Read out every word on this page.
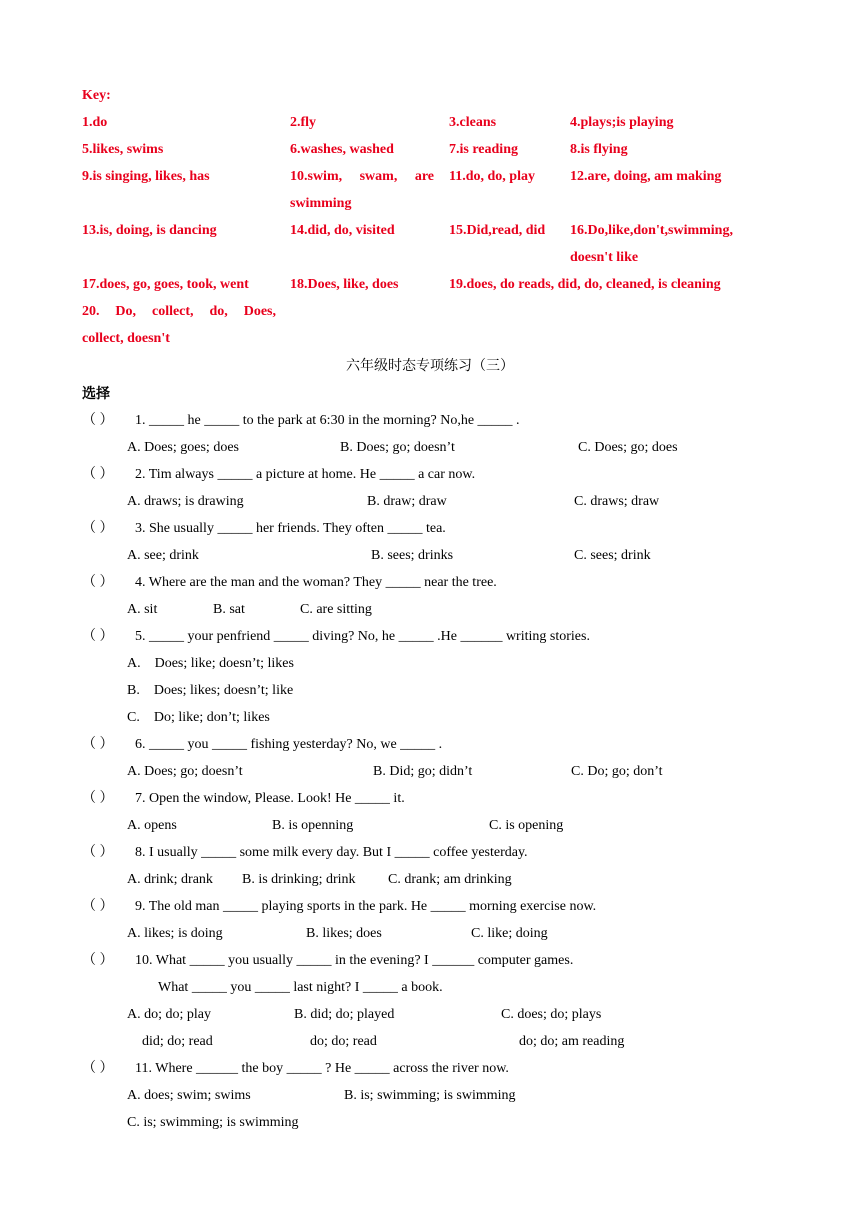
Key:
1.do	2.fly	3.cleans	4.plays;is playing
5.likes, swims	6.washes, washed	7.is reading	8.is flying
9.is singing, likes, has	10.swim, swam, are 11.do, do, play	12.are, doing, am making
swimming
13.is, doing, is dancing	14.did, do, visited	15.Did,read, did 16.Do,like,don't,swimming,
doesn't like
17.does, go, goes, took, went	18.Does, like, does	19.does, do reads, did, do, cleaned, is cleaning
20. Do, collect, do, Does,
collect, doesn't
六年级时态专项练习（三）
选择
（ ） 1. _____ he _____ to the park at 6:30 in the morning? No,he _____ .
A. Does; goes; does	B. Does; go; doesn’t	C. Does; go; does
（ ） 2. Tim always _____ a picture at home. He _____ a car now.
A. draws; is drawing	B. draw; draw	C. draws; draw
（ ） 3. She usually _____ her friends. They often _____ tea.
A. see; drink	B. sees; drinks	C. sees; drink
（ ） 4. Where are the man and the woman? They _____ near the tree.
A. sit	B. sat	C. are sitting
（ ） 5. _____ your penfriend _____ diving? No, he _____ .He ______ writing stories.
A.    Does; like; doesn’t; likes
B.    Does; likes; doesn’t; like
C.    Do; like; don’t; likes
（ ） 6. _____ you _____ fishing yesterday? No, we _____ .
A. Does; go; doesn’t	B. Did; go; didn’t	C. Do; go; don’t
（ ） 7. Open the window, Please. Look! He _____ it.
A. opens	B. is openning	C. is opening
（ ） 8. I usually _____ some milk every day. But I _____ coffee yesterday.
A. drink; drank B. is drinking; drink C. drank; am drinking
（ ） 9. The old man _____ playing sports in the park. He _____ morning exercise now.
A. likes; is doing	B. likes; does	C. like; doing
（ ） 10. What _____ you usually _____ in the evening? I ______ computer games.
What _____ you _____ last night? I _____ a book.
A. do; do; play	B. did; do; played	C. does; do; plays
did; do; read	do; do; read	do; do; am reading
（ ） 11. Where ______ the boy _____ ? He _____ across the river now.
A. does; swim; swims	B. is; swimming; is swimming
C. is; swimming; is swimming
